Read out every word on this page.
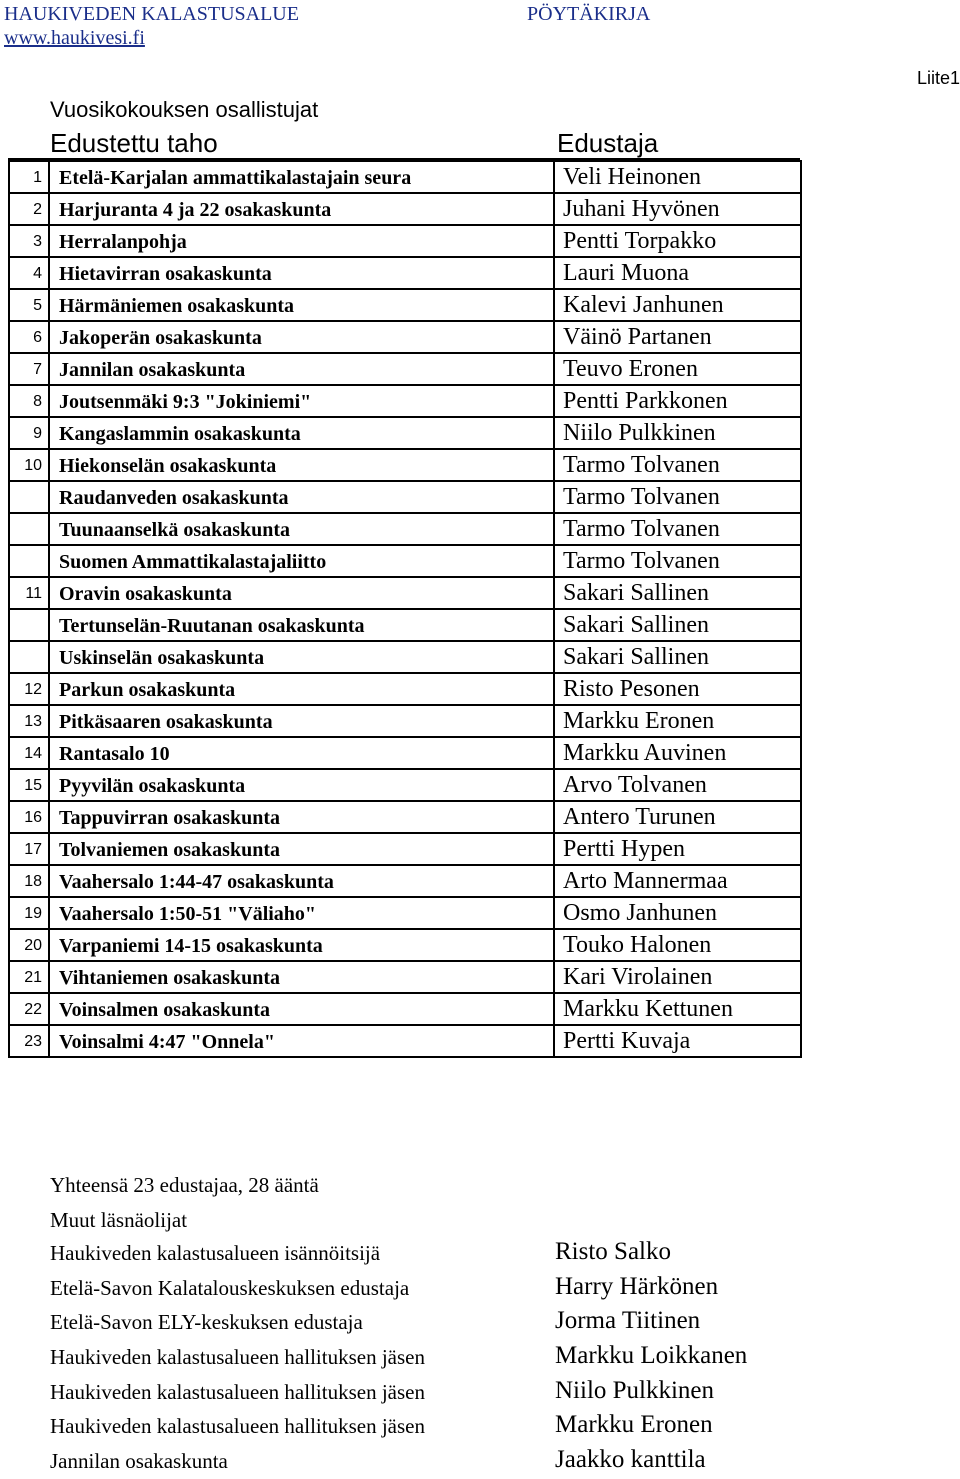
HAUKIVEDEN KALASTUSALUE
www.haukivesi.fi
PÖYTÄKIRJA
Liite1
Vuosikokouksen osallistujat
Edustettu taho	Edustaja
1	Etelä-Karjalan ammattikalastajain seura	Veli Heinonen
2	Harjuranta 4 ja 22 osakaskunta	Juhani Hyvönen
3	Herralanpohja	Pentti Torpakko
4	Hietavirran osakaskunta	Lauri Muona
5	Härmäniemen osakaskunta	Kalevi Janhunen
6	Jakoperän osakaskunta	Väinö Partanen
7	Jannilan osakaskunta	Teuvo Eronen
8	Joutsenmäki 9:3 "Jokiniemi"	Pentti Parkkonen
9	Kangaslammin osakaskunta	Niilo Pulkkinen
10	Hiekonselän osakaskunta	Tarmo Tolvanen
	Raudanveden osakaskunta	Tarmo Tolvanen
	Tuunaanselkä osakaskunta	Tarmo Tolvanen
	Suomen Ammattikalastajaliitto	Tarmo Tolvanen
11	Oravin osakaskunta	Sakari Sallinen
	Tertunselän-Ruutanan osakaskunta	Sakari Sallinen
	Uskinselän osakaskunta	Sakari Sallinen
12	Parkun osakaskunta	Risto Pesonen
13	Pitkäsaaren osakaskunta	Markku Eronen
14	Rantasalo 10	Markku Auvinen
15	Pyyvilän osakaskunta	Arvo Tolvanen
16	Tappuvirran osakaskunta	Antero Turunen
17	Tolvaniemen osakaskunta	Pertti Hypen
18	Vaahersalo 1:44-47 osakaskunta	Arto Mannermaa
19	Vaahersalo 1:50-51 "Väliaho"	Osmo Janhunen
20	Varpaniemi 14-15 osakaskunta	Touko Halonen
21	Vihtaniemen osakaskunta	Kari Virolainen
22	Voinsalmen osakaskunta	Markku Kettunen
23	Voinsalmi 4:47 "Onnela"	Pertti Kuvaja
Yhteensä 23 edustajaa, 28 ääntä
Muut läsnäolijat
Haukiveden kalastusalueen isännöitsijä	Risto Salko
Etelä-Savon Kalatalouskeskuksen edustaja	Harry Härkönen
Etelä-Savon ELY-keskuksen edustaja	Jorma Tiitinen
Haukiveden kalastusalueen hallituksen jäsen	Markku Loikkanen
Haukiveden kalastusalueen hallituksen jäsen	Niilo Pulkkinen
Haukiveden kalastusalueen hallituksen jäsen	Markku Eronen
Jannilan osakaskunta	Jaakko kanttila
